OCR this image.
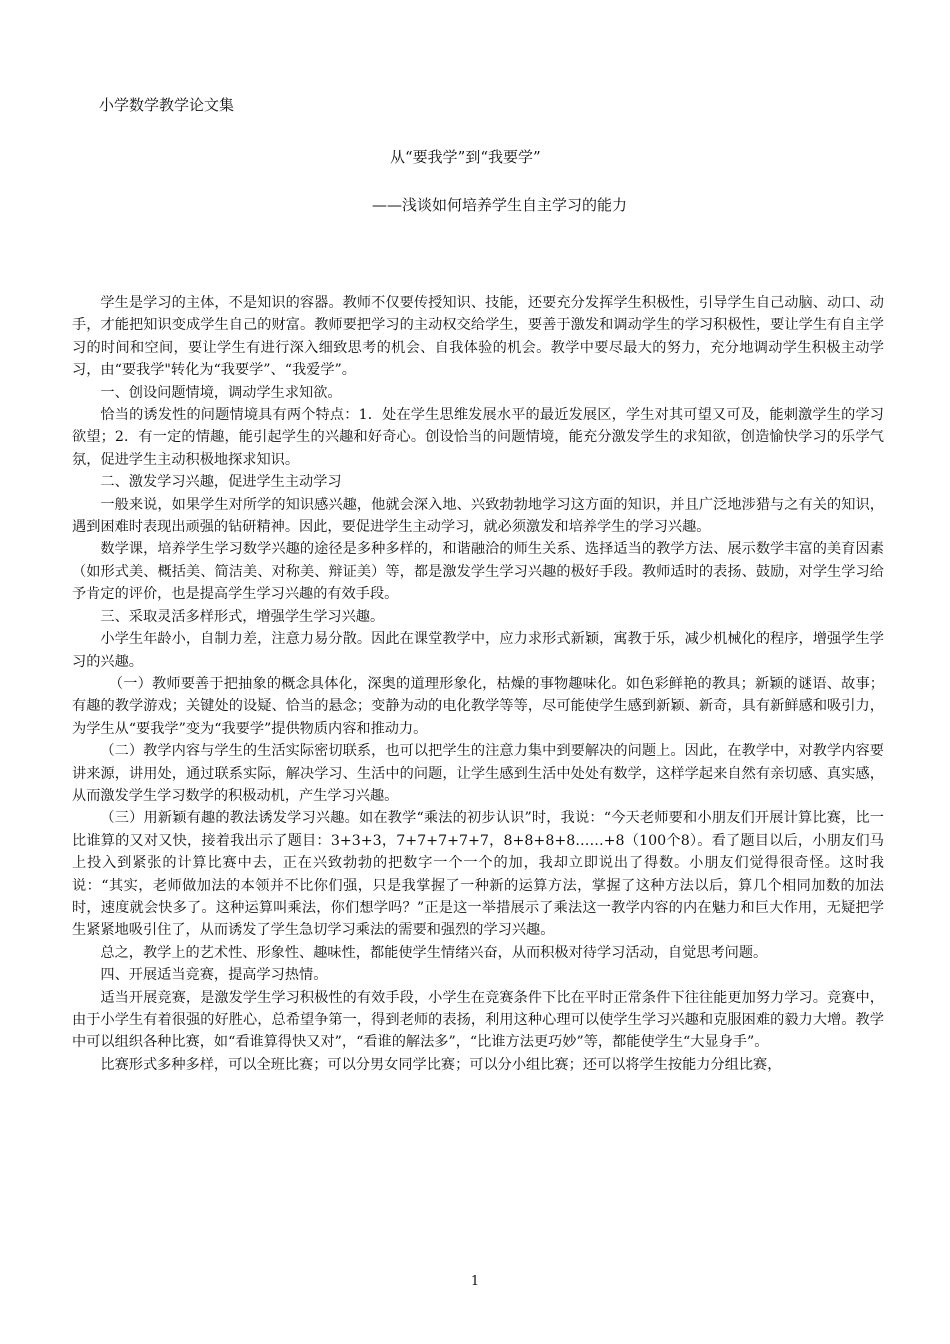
小学数学教学论文集
从“要我学”到“我要学”
——浅谈如何培养学生自主学习的能力

学生是学习的主体，不是知识的容器。教师不仅要传授知识、技能，还要充分发挥学生积极性，引导学生自己动脑、动口、动手，才能把知识变成学生自己的财富。教师要把学习的主动权交给学生，要善于激发和调动学生的学习积极性，要让学生有自主学习的时间和空间，要让学生有进行深入细致思考的机会、自我体验的机会。教学中要尽最大的努力，充分地调动学生积极主动学习，由“要我学"转化为“我要学”、“我爱学”。

一、创设问题情境，调动学生求知欲。

恰当的诱发性的问题情境具有两个特点：1．处在学生思维发展水平的最近发展区，学生对其可望又可及，能刺激学生的学习欲望；2．有一定的情趣，能引起学生的兴趣和好奇心。创设恰当的问题情境，能充分激发学生的求知欲，创造愉快学习的乐学气氛，促进学生主动积极地探求知识。

二、激发学习兴趣，促进学生主动学习

一般来说，如果学生对所学的知识感兴趣，他就会深入地、兴致勃勃地学习这方面的知识，并且广泛地涉猎与之有关的知识，遇到困难时表现出顽强的钻研精神。因此，要促进学生主动学习，就必须激发和培养学生的学习兴趣。

数学课，培养学生学习数学兴趣的途径是多种多样的，和谐融洽的师生关系、选择适当的教学方法、展示数学丰富的美育因素（如形式美、概括美、简洁美、对称美、辩证美）等，都是激发学生学习兴趣的极好手段。教师适时的表扬、鼓励，对学生学习给予肯定的评价，也是提高学生学习兴趣的有效手段。

三、采取灵活多样形式，增强学生学习兴趣。

小学生年龄小，自制力差，注意力易分散。因此在课堂教学中，应力求形式新颖，寓教于乐，减少机械化的程序，增强学生学习的兴趣。

（一）教师要善于把抽象的概念具体化，深奥的道理形象化，枯燥的事物趣味化。如色彩鲜艳的教具；新颖的谜语、故事；有趣的教学游戏；关键处的设疑、恰当的悬念；变静为动的电化教学等等，尽可能使学生感到新颖、新奇，具有新鲜感和吸引力，为学生从“要我学”变为“我要学”提供物质内容和推动力。

（二）教学内容与学生的生活实际密切联系，也可以把学生的注意力集中到要解决的问题上。因此，在教学中，对教学内容要讲来源，讲用处，通过联系实际，解决学习、生活中的问题，让学生感到生活中处处有数学，这样学起来自然有亲切感、真实感，从而激发学生学习数学的积极动机，产生学习兴趣。

（三）用新颖有趣的教法诱发学习兴趣。如在教学“乘法的初步认识”时，我说：“今天老师要和小朋友们开展计算比赛，比一比谁算的又对又快，接着我出示了题目：3+3+3，7+7+7+7+7，8+8+8+8……+8（100个8）。看了题目以后，小朋友们马上投入到紧张的计算比赛中去，正在兴致勃勃的把数字一个一个的加，我却立即说出了得数。小朋友们觉得很奇怪。这时我说：“其实，老师做加法的本领并不比你们强，只是我掌握了一种新的运算方法，掌握了这种方法以后，算几个相同加数的加法时，速度就会快多了。这种运算叫乘法，你们想学吗？”正是这一举措展示了乘法这一教学内容的内在魅力和巨大作用，无疑把学生紧紧地吸引住了，从而诱发了学生急切学习乘法的需要和强烈的学习兴趣。

总之，教学上的艺术性、形象性、趣味性，都能使学生情绪兴奋，从而积极对待学习活动，自觉思考问题。

四、开展适当竞赛，提高学习热情。

适当开展竞赛，是激发学生学习积极性的有效手段，小学生在竞赛条件下比在平时正常条件下往往能更加努力学习。竞赛中，由于小学生有着很强的好胜心，总希望争第一，得到老师的表扬，利用这种心理可以使学生学习兴趣和克服困难的毅力大增。教学中可以组织各种比赛，如“看谁算得快又对”，“看谁的解法多”，“比谁方法更巧妙”等，都能使学生“大显身手”。

比赛形式多种多样，可以全班比赛；可以分男女同学比赛；可以分小组比赛；还可以将学生按能力分组比赛，

1
